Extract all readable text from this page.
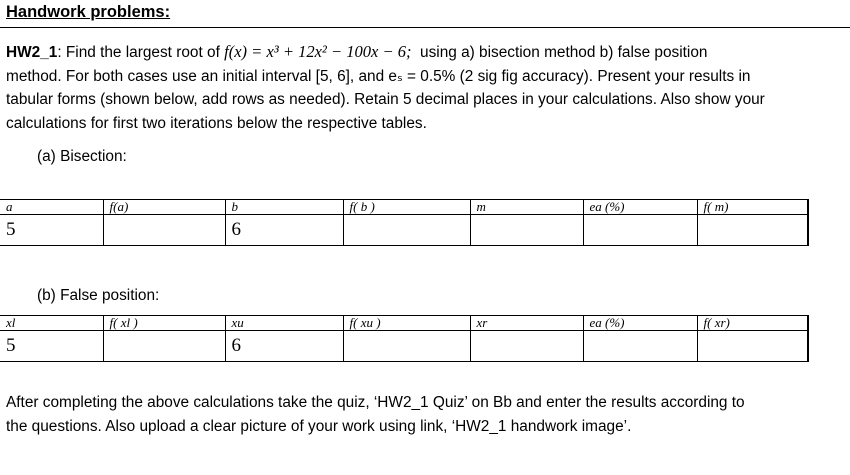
Handwork problems:
HW2_1: Find the largest root of f(x) = x³ + 12x² − 100x − 6; using a) bisection method b) false position
method. For both cases use an initial interval [5, 6], and eₛ = 0.5% (2 sig fig accuracy). Present your results in
tabular forms (shown below, add rows as needed). Retain 5 decimal places in your calculations. Also show your
calculations for first two iterations below the respective tables.
(a) Bisection:
a	f(a)	b	f( b )	m	ea (%)	f( m)
5		6				
(b) False position:
xl	f( xl )	xu	f( xu )	xr	ea (%)	f( xr)
5		6				
After completing the above calculations take the quiz, ‘HW2_1 Quiz’ on Bb and enter the results according to
the questions. Also upload a clear picture of your work using link, ‘HW2_1 handwork image’.
